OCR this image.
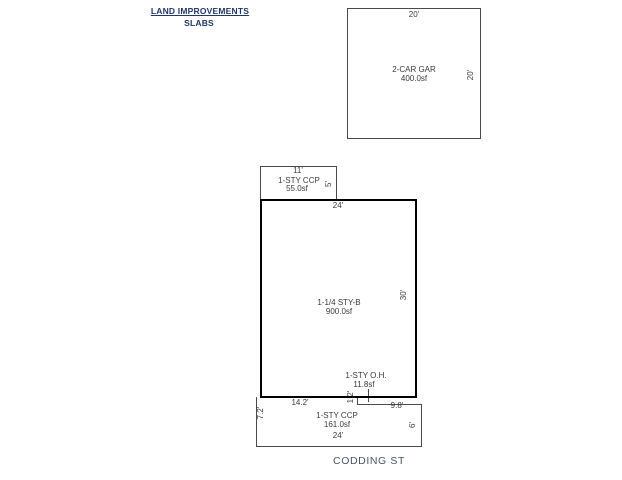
LAND IMPROVEMENTS
SLABS
20'
2-CAR GAR
400.0sf	20'
11'
1-STY CCP
55.0sf 5'
24'
1-1/4 STY-B
900.0sf
30'
1-STY O.H.
11.8sf
1.2'
9.8'
14.2'
1-STY CCP
161.0sf
7.2'
6'
24'
CODDING ST
